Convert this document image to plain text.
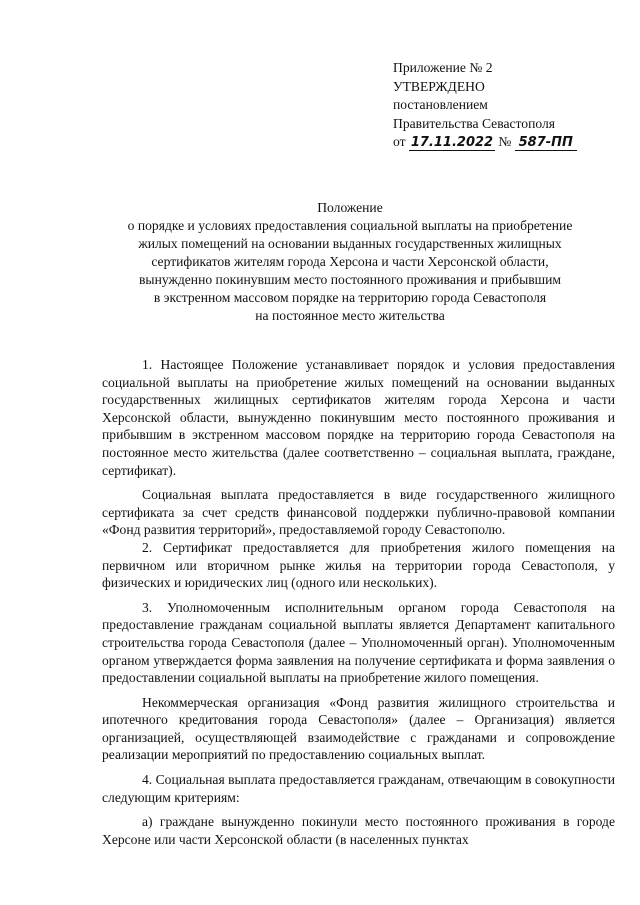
Приложение № 2
УТВЕРЖДЕНО
постановлением
Правительства Севастополя
от 17.11.2022 № 587-ПП
Положение
о порядке и условиях предоставления социальной выплаты на приобретение
жилых помещений на основании выданных государственных жилищных
сертификатов жителям города Херсона и части Херсонской области,
вынужденно покинувшим место постоянного проживания и прибывшим
в экстренном массовом порядке на территорию города Севастополя
на постоянное место жительства

1. Настоящее Положение устанавливает порядок и условия предоставления социальной выплаты на приобретение жилых помещений на основании выданных государственных жилищных сертификатов жителям города Херсона и части Херсонской области, вынужденно покинувшим место постоянного проживания и прибывшим в экстренном массовом порядке на территорию города Севастополя на постоянное место жительства (далее соответственно – социальная выплата, граждане, сертификат).

Социальная выплата предоставляется в виде государственного жилищного сертификата за счет средств финансовой поддержки публично-правовой компании «Фонд развития территорий», предоставляемой городу Севастополю.

2. Сертификат предоставляется для приобретения жилого помещения на первичном или вторичном рынке жилья на территории города Севастополя, у физических и юридических лиц (одного или нескольких).

3. Уполномоченным исполнительным органом города Севастополя на предоставление гражданам социальной выплаты является Департамент капитального строительства города Севастополя (далее – Уполномоченный орган). Уполномоченным органом утверждается форма заявления на получение сертификата и форма заявления о предоставлении социальной выплаты на приобретение жилого помещения.

Некоммерческая организация «Фонд развития жилищного строительства и ипотечного кредитования города Севастополя» (далее – Организация) является организацией, осуществляющей взаимодействие с гражданами и сопровождение реализации мероприятий по предоставлению социальных выплат.

4. Социальная выплата предоставляется гражданам, отвечающим в совокупности следующим критериям:

а) граждане вынужденно покинули место постоянного проживания в городе Херсоне или части Херсонской области (в населенных пунктах
